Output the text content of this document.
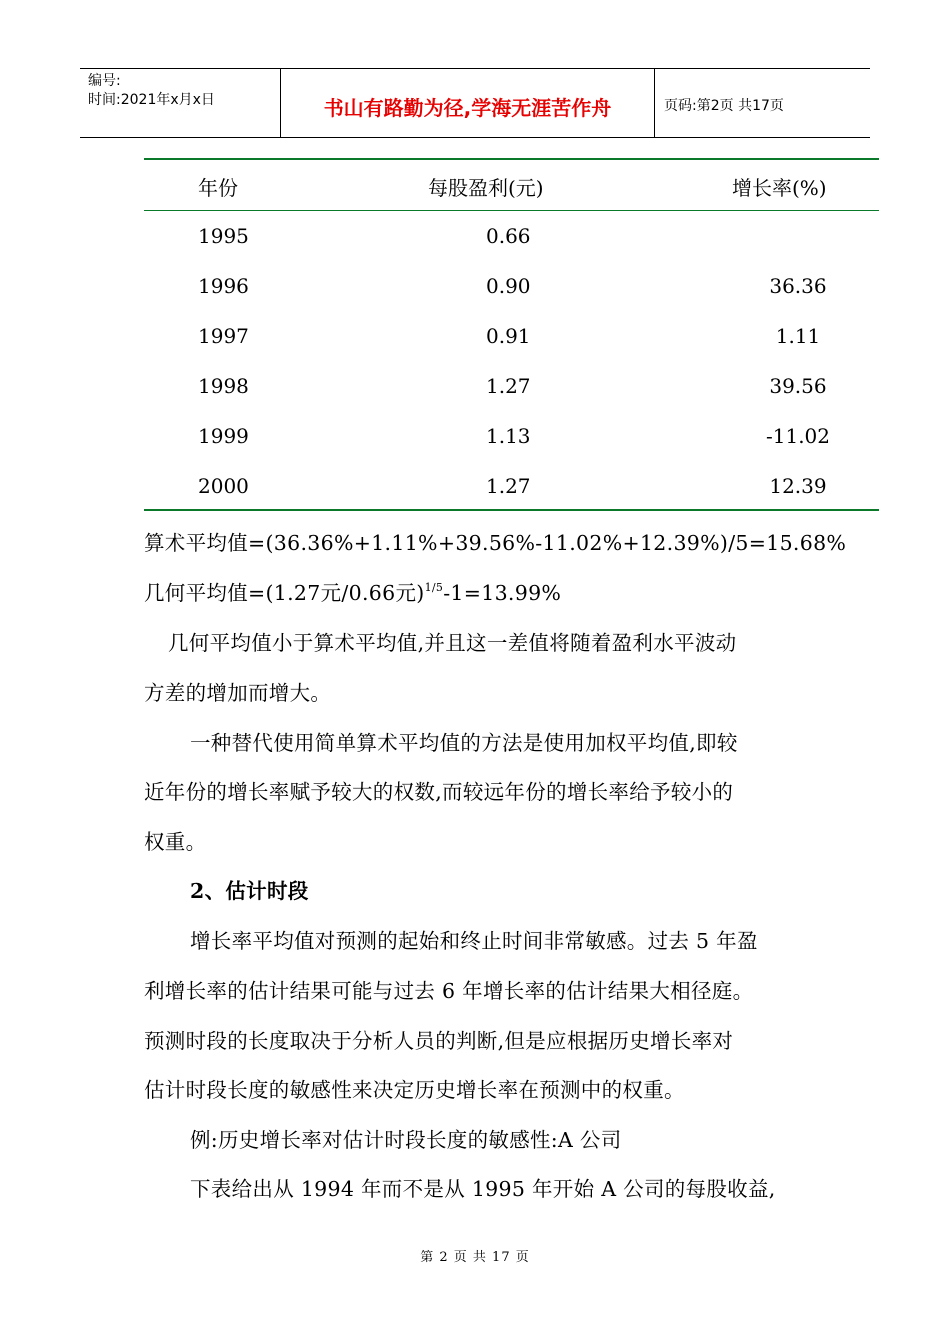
编号:
时间:2021年x月x日	书山有路勤为径,学海无涯苦作舟	页码:第2页 共17页
年份	每股盈利(元)	增长率(%)
1995	0.66
1996	0.90	36.36
1997	0.91	1.11
1998	1.27	39.56
1999	1.13	-11.02
2000	1.27	12.39
算术平均值=(36.36%+1.11%+39.56%-11.02%+12.39%)/5=15.68%
几何平均值=(1.27元/0.66元)$^{1/5}$-1=13.99%
几何平均值小于算术平均值,并且这一差值将随着盈利水平波动
方差的增加而增大。
一种替代使用简单算术平均值的方法是使用加权平均值,即较
近年份的增长率赋予较大的权数,而较远年份的增长率给予较小的
权重。
2、估计时段
增长率平均值对预测的起始和终止时间非常敏感。过去 5 年盈
利增长率的估计结果可能与过去 6 年增长率的估计结果大相径庭。
预测时段的长度取决于分析人员的判断,但是应根据历史增长率对
估计时段长度的敏感性来决定历史增长率在预测中的权重。
例:历史增长率对估计时段长度的敏感性:A 公司
下表给出从 1994 年而不是从 1995 年开始 A 公司的每股收益,
第 2 页 共 17 页
